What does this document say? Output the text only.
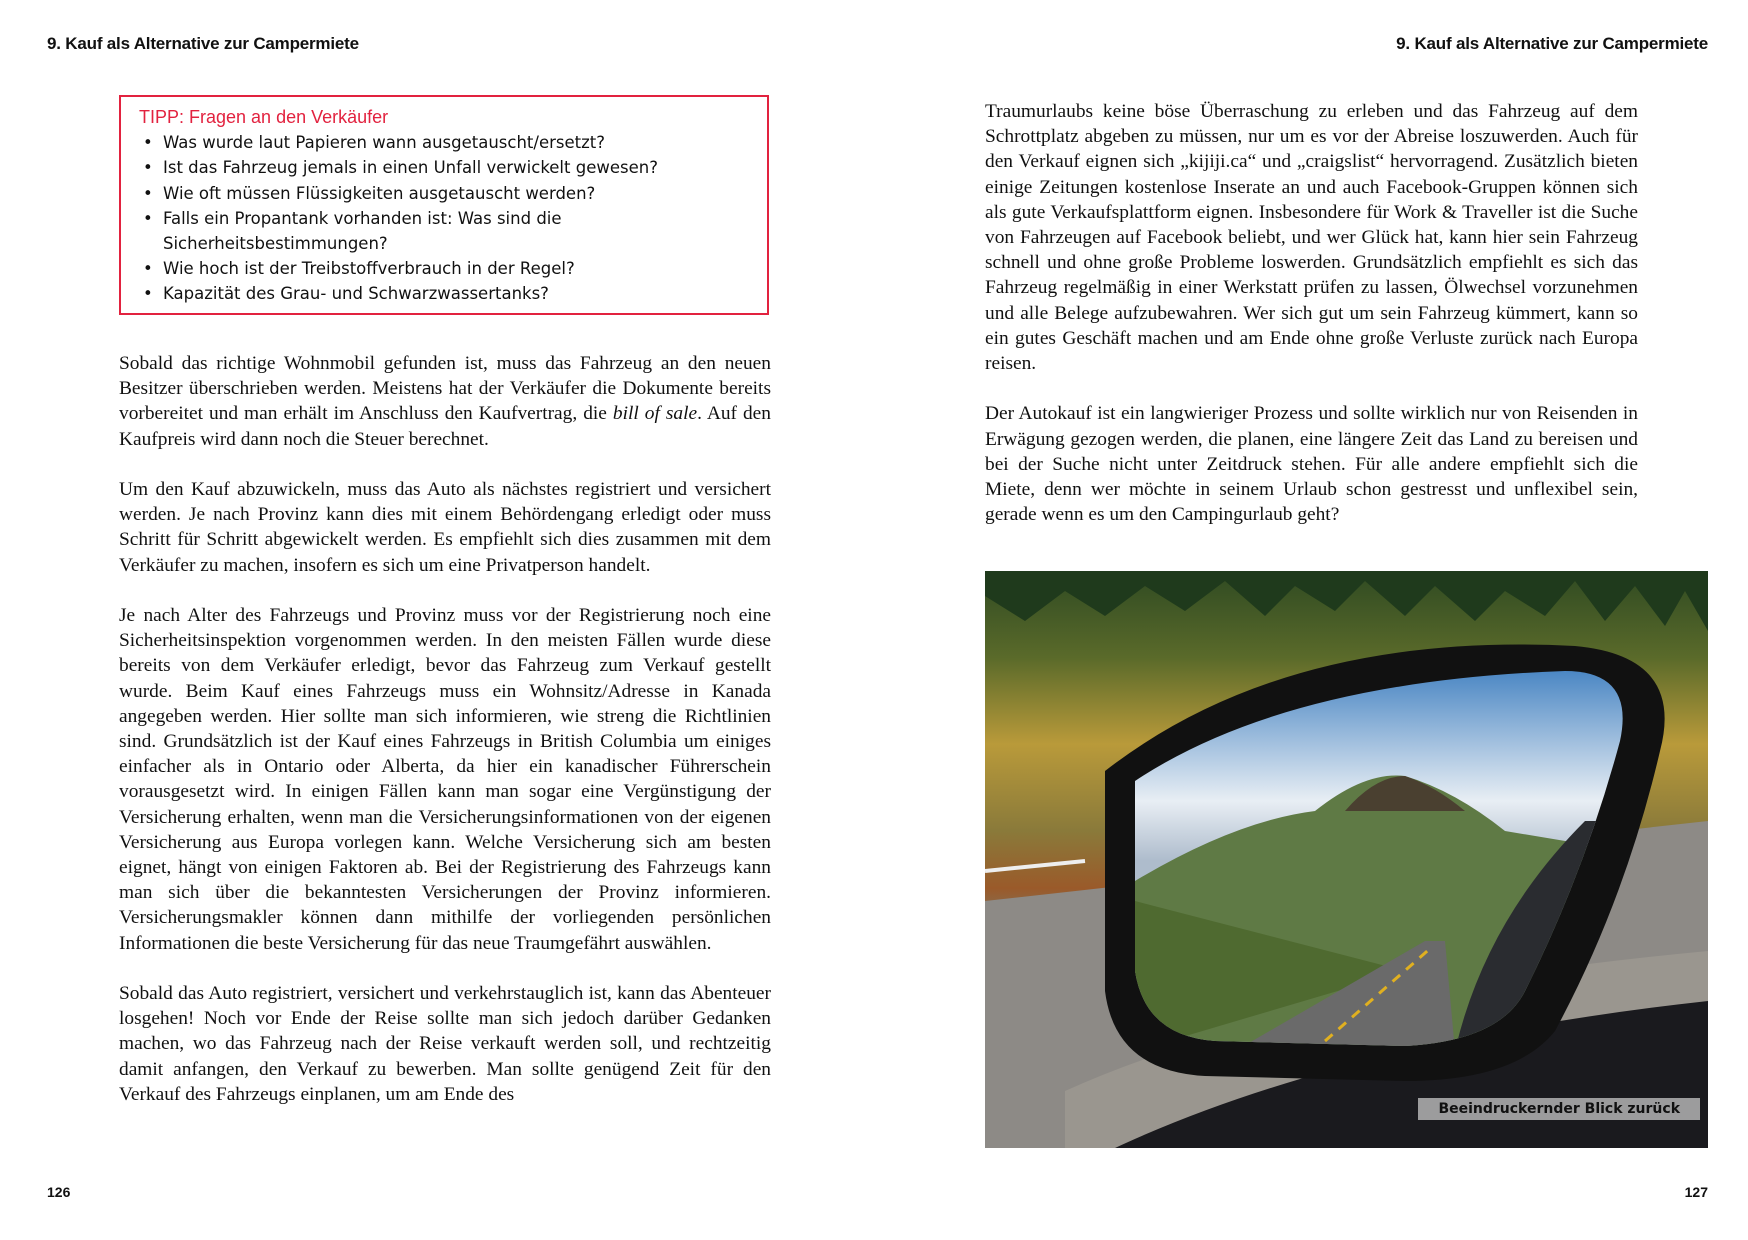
9. Kauf als Alternative zur Campermiete	9. Kauf als Alternative zur Campermiete
TIPP: Fragen an den Verkäufer
• Was wurde laut Papieren wann ausgetauscht/ersetzt?
• Ist das Fahrzeug jemals in einen Unfall verwickelt gewesen?
• Wie oft müssen Flüssigkeiten ausgetauscht werden?
• Falls ein Propantank vorhanden ist: Was sind die Sicherheitsbestimmungen?
• Wie hoch ist der Treibstoffverbrauch in der Regel?
• Kapazität des Grau- und Schwarzwassertanks?

Sobald das richtige Wohnmobil gefunden ist, muss das Fahrzeug an den neuen Besitzer überschrieben werden. Meistens hat der Verkäufer die Dokumente bereits vorbereitet und man erhält im Anschluss den Kaufvertrag, die bill of sale. Auf den Kaufpreis wird dann noch die Steuer berechnet.

Um den Kauf abzuwickeln, muss das Auto als nächstes registriert und versichert werden. Je nach Provinz kann dies mit einem Behördengang erledigt oder muss Schritt für Schritt abgewickelt werden. Es empfiehlt sich dies zusammen mit dem Verkäufer zu machen, insofern es sich um eine Privatperson handelt.

Je nach Alter des Fahrzeugs und Provinz muss vor der Registrierung noch eine Sicherheitsinspektion vorgenommen werden. In den meisten Fällen wurde diese bereits von dem Verkäufer erledigt, bevor das Fahrzeug zum Verkauf gestellt wurde. Beim Kauf eines Fahrzeugs muss ein Wohnsitz/Adresse in Kanada angegeben werden. Hier sollte man sich informieren, wie streng die Richtlinien sind. Grundsätzlich ist der Kauf eines Fahrzeugs in British Columbia um einiges einfacher als in Ontario oder Alberta, da hier ein kanadischer Führerschein vorausgesetzt wird. In einigen Fällen kann man sogar eine Vergünstigung der Versicherung erhalten, wenn man die Versicherungsinformationen von der eigenen Versicherung aus Europa vorlegen kann. Welche Versicherung sich am besten eignet, hängt von einigen Faktoren ab. Bei der Registrierung des Fahrzeugs kann man sich über die bekanntesten Versicherungen der Provinz informieren. Versicherungsmakler können dann mithilfe der vorliegenden persönlichen Informationen die beste Versicherung für das neue Traumgefährt auswählen.

Sobald das Auto registriert, versichert und verkehrstauglich ist, kann das Abenteuer losgehen! Noch vor Ende der Reise sollte man sich jedoch darüber Gedanken machen, wo das Fahrzeug nach der Reise verkauft werden soll, und rechtzeitig damit anfangen, den Verkauf zu bewerben. Man sollte genügend Zeit für den Verkauf des Fahrzeugs einplanen, um am Ende des

Traumurlaubs keine böse Überraschung zu erleben und das Fahrzeug auf dem Schrottplatz abgeben zu müssen, nur um es vor der Abreise loszuwerden. Auch für den Verkauf eignen sich „kijiji.ca“ und „craigslist“ hervorragend. Zusätzlich bieten einige Zeitungen kostenlose Inserate an und auch Facebook-Gruppen können sich als gute Verkaufsplattform eignen. Insbesondere für Work & Traveller ist die Suche von Fahrzeugen auf Facebook beliebt, und wer Glück hat, kann hier sein Fahrzeug schnell und ohne große Probleme loswerden. Grundsätzlich empfiehlt es sich das Fahrzeug regelmäßig in einer Werkstatt prüfen zu lassen, Ölwechsel vorzunehmen und alle Belege aufzubewahren. Wer sich gut um sein Fahrzeug kümmert, kann so ein gutes Geschäft machen und am Ende ohne große Verluste zurück nach Europa reisen.

Der Autokauf ist ein langwieriger Prozess und sollte wirklich nur von Reisenden in Erwägung gezogen werden, die planen, eine längere Zeit das Land zu bereisen und bei der Suche nicht unter Zeitdruck stehen. Für alle andere empfiehlt sich die Miete, denn wer möchte in seinem Urlaub schon gestresst und unflexibel sein, gerade wenn es um den Campingurlaub geht?

Beeindruckernder Blick zurück
126	127
